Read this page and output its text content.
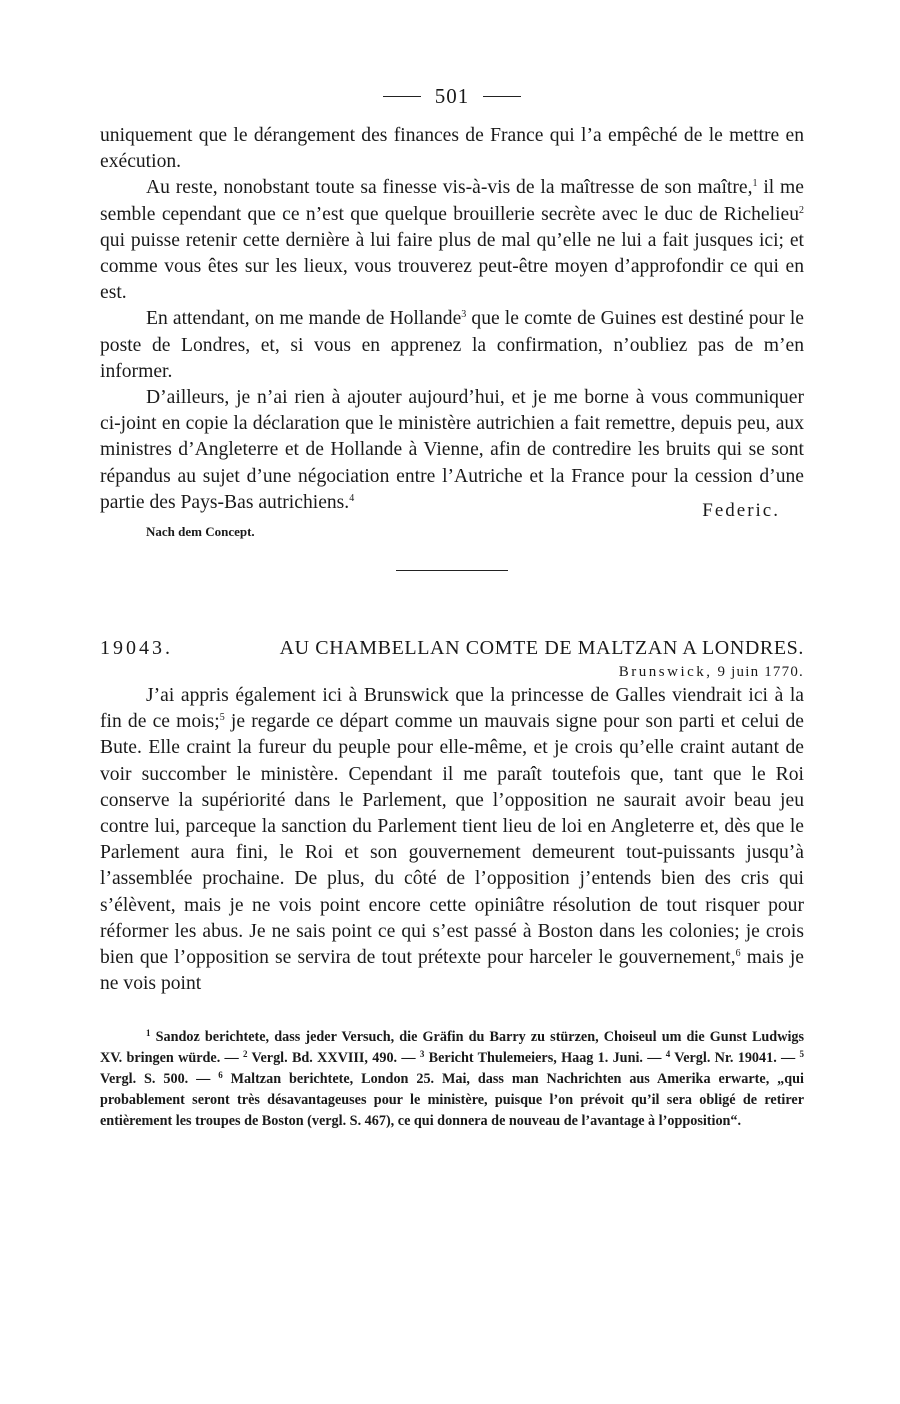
501

uniquement que le dérangement des finances de France qui l’a empêché de le mettre en exécution.

Au reste, nonobstant toute sa finesse vis-à-vis de la maîtresse de son maître,$^1$ il me semble cependant que ce n’est que quelque brouillerie secrète avec le duc de Richelieu$^2$ qui puisse retenir cette dernière à lui faire plus de mal qu’elle ne lui a fait jusques ici; et comme vous êtes sur les lieux, vous trouverez peut-être moyen d’approfondir ce qui en est.

En attendant, on me mande de Hollande$^3$ que le comte de Guines est destiné pour le poste de Londres, et, si vous en apprenez la confirmation, n’oubliez pas de m’en informer.

D’ailleurs, je n’ai rien à ajouter aujourd’hui, et je me borne à vous communiquer ci-joint en copie la déclaration que le ministère autrichien a fait remettre, depuis peu, aux ministres d’Angleterre et de Hollande à Vienne, afin de contredire les bruits qui se sont répandus au sujet d’une négociation entre l’Autriche et la France pour la cession d’une partie des Pays-Bas autrichiens.$^4$

Federic.
Nach dem Concept.
19043.	AU CHAMBELLAN COMTE DE MALTZAN A LONDRES.
Brunswick, 9 juin 1770.

J’ai appris également ici à Brunswick que la princesse de Galles viendrait ici à la fin de ce mois;$^5$ je regarde ce départ comme un mauvais signe pour son parti et celui de Bute. Elle craint la fureur du peuple pour elle-même, et je crois qu’elle craint autant de voir succomber le ministère. Cependant il me paraît toutefois que, tant que le Roi conserve la supériorité dans le Parlement, que l’opposition ne saurait avoir beau jeu contre lui, parceque la sanction du Parlement tient lieu de loi en Angleterre et, dès que le Parlement aura fini, le Roi et son gouvernement demeurent tout-puissants jusqu’à l’assemblée prochaine. De plus, du côté de l’opposition j’entends bien des cris qui s’élèvent, mais je ne vois point encore cette opiniâtre résolution de tout risquer pour réformer les abus. Je ne sais point ce qui s’est passé à Boston dans les colonies; je crois bien que l’opposition se servira de tout prétexte pour harceler le gouvernement,$^6$ mais je ne vois point

$^1$ Sandoz berichtete, dass jeder Versuch, die Gräfin du Barry zu stürzen, Choiseul um die Gunst Ludwigs XV. bringen würde. — $^2$ Vergl. Bd. XXVIII, 490. — $^3$ Bericht Thulemeiers, Haag 1. Juni. — $^4$ Vergl. Nr. 19041. — $^5$ Vergl. S. 500. — $^6$ Maltzan berichtete, London 25. Mai, dass man Nachrichten aus Amerika erwarte, „qui probablement seront très désavantageuses pour le ministère, puisque l’on prévoit qu’il sera obligé de retirer entièrement les troupes de Boston (vergl. S. 467), ce qui donnera de nouveau de l’avantage à l’opposition“.
